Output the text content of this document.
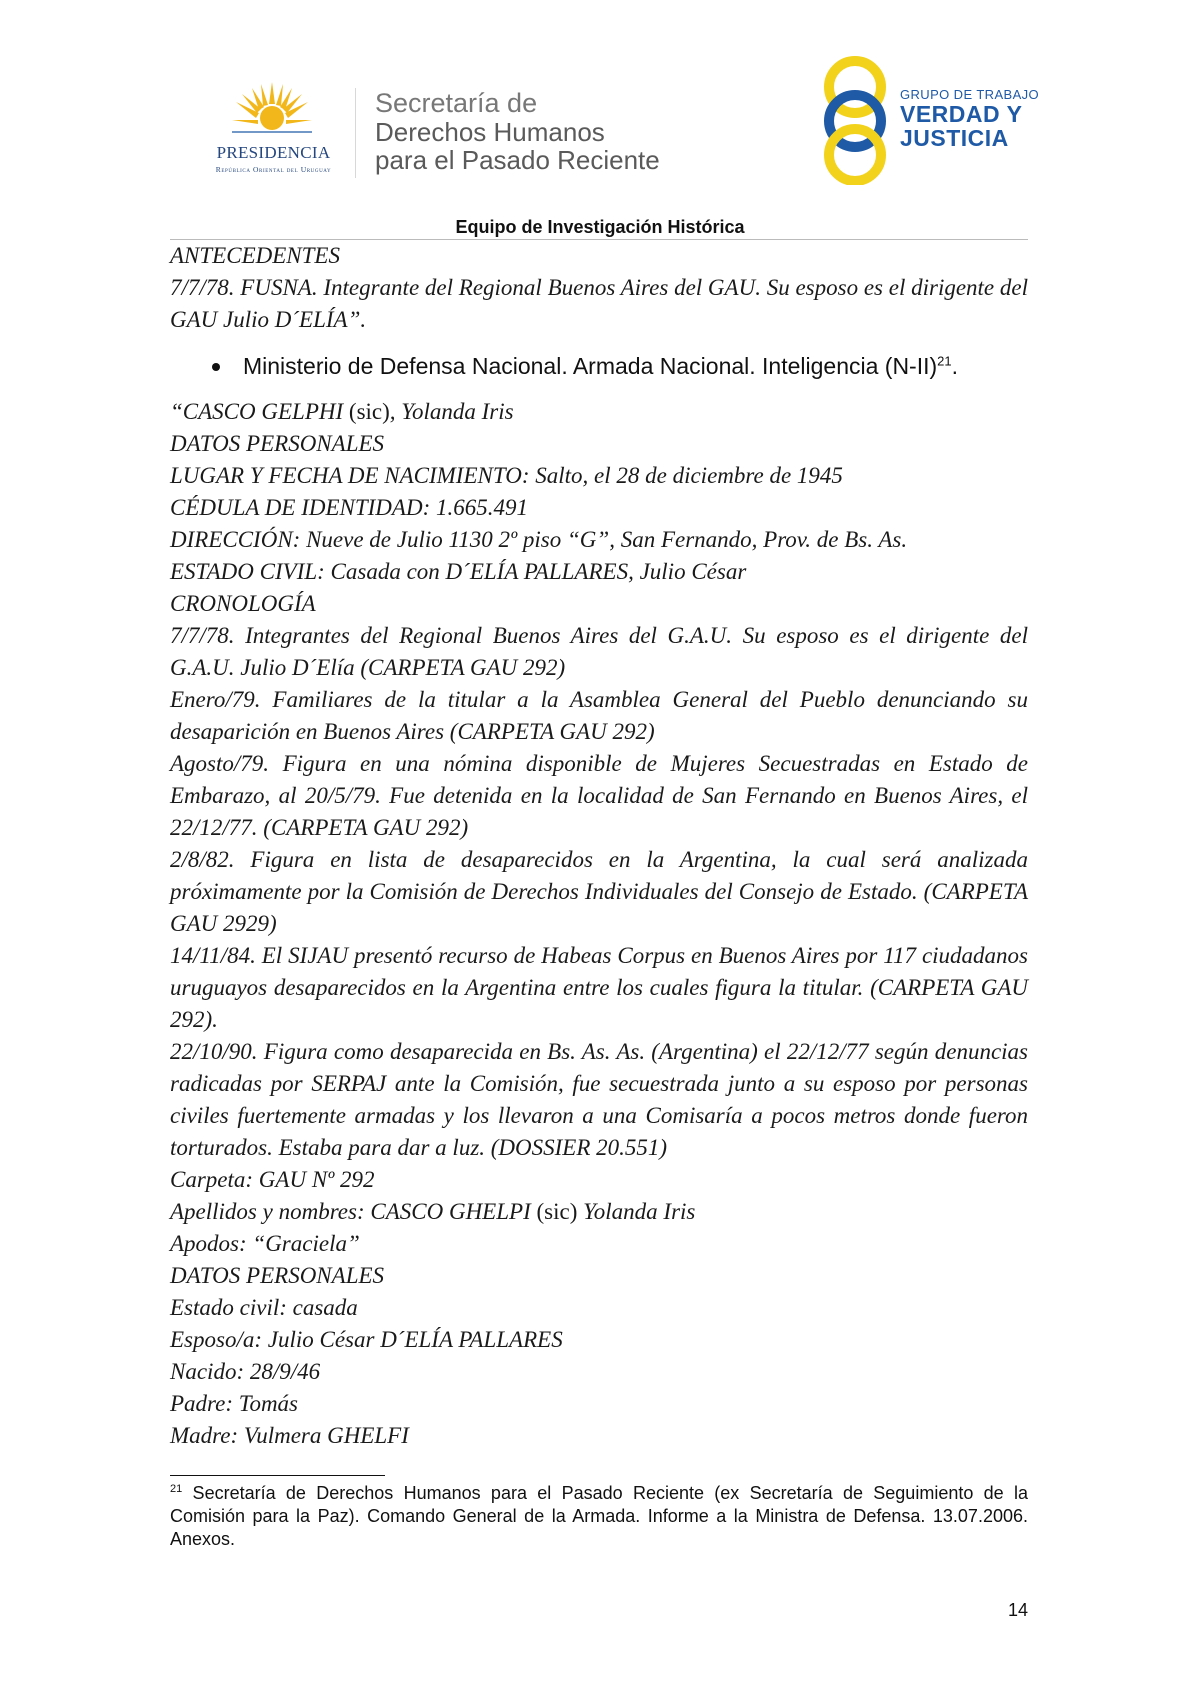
PRESIDENCIA
República Oriental del Uruguay
Secretaría de
Derechos Humanos
para el Pasado Reciente
GRUPO DE TRABAJO
VERDAD Y
JUSTICIA
Equipo de Investigación Histórica

ANTECEDENTES

7/7/78. FUSNA. Integrante del Regional Buenos Aires del GAU. Su esposo es el dirigente del GAU Julio D´ELÍA”.

Ministerio de Defensa Nacional. Armada Nacional. Inteligencia $(N-II)^{21}$.

“CASCO GELPHI (sic), Yolanda Iris

DATOS PERSONALES

LUGAR Y FECHA DE NACIMIENTO: Salto, el 28 de diciembre de 1945

CÉDULA DE IDENTIDAD: 1.665.491

DIRECCIÓN: Nueve de Julio 1130 2º piso “G”, San Fernando, Prov. de Bs. As.

ESTADO CIVIL: Casada con D´ELÍA PALLARES, Julio César

CRONOLOGÍA

7/7/78. Integrantes del Regional Buenos Aires del G.A.U. Su esposo es el dirigente del G.A.U. Julio D´Elía (CARPETA GAU 292)

Enero/79. Familiares de la titular a la Asamblea General del Pueblo denunciando su desaparición en Buenos Aires (CARPETA GAU 292)

Agosto/79. Figura en una nómina disponible de Mujeres Secuestradas en Estado de Embarazo, al 20/5/79. Fue detenida en la localidad de San Fernando en Buenos Aires, el 22/12/77. (CARPETA GAU 292)

2/8/82. Figura en lista de desaparecidos en la Argentina, la cual será analizada próximamente por la Comisión de Derechos Individuales del Consejo de Estado. (CARPETA GAU 2929)

14/11/84. El SIJAU presentó recurso de Habeas Corpus en Buenos Aires por 117 ciudadanos uruguayos desaparecidos en la Argentina entre los cuales figura la titular. (CARPETA GAU 292).

22/10/90. Figura como desaparecida en Bs. As. As. (Argentina) el 22/12/77 según denuncias radicadas por SERPAJ ante la Comisión, fue secuestrada junto a su esposo por personas civiles fuertemente armadas y los llevaron a una Comisaría a pocos metros donde fueron torturados. Estaba para dar a luz. (DOSSIER 20.551)

Carpeta: GAU Nº 292

Apellidos y nombres: CASCO GHELPI (sic) Yolanda Iris

Apodos: “Graciela”

DATOS PERSONALES

Estado civil: casada

Esposo/a: Julio César D´ELÍA PALLARES

Nacido: 28/9/46

Padre: Tomás

Madre: Vulmera GHELFI

$^{21}$ Secretaría de Derechos Humanos para el Pasado Reciente (ex Secretaría de Seguimiento de la Comisión para la Paz). Comando General de la Armada. Informe a la Ministra de Defensa. 13.07.2006. Anexos.
14
